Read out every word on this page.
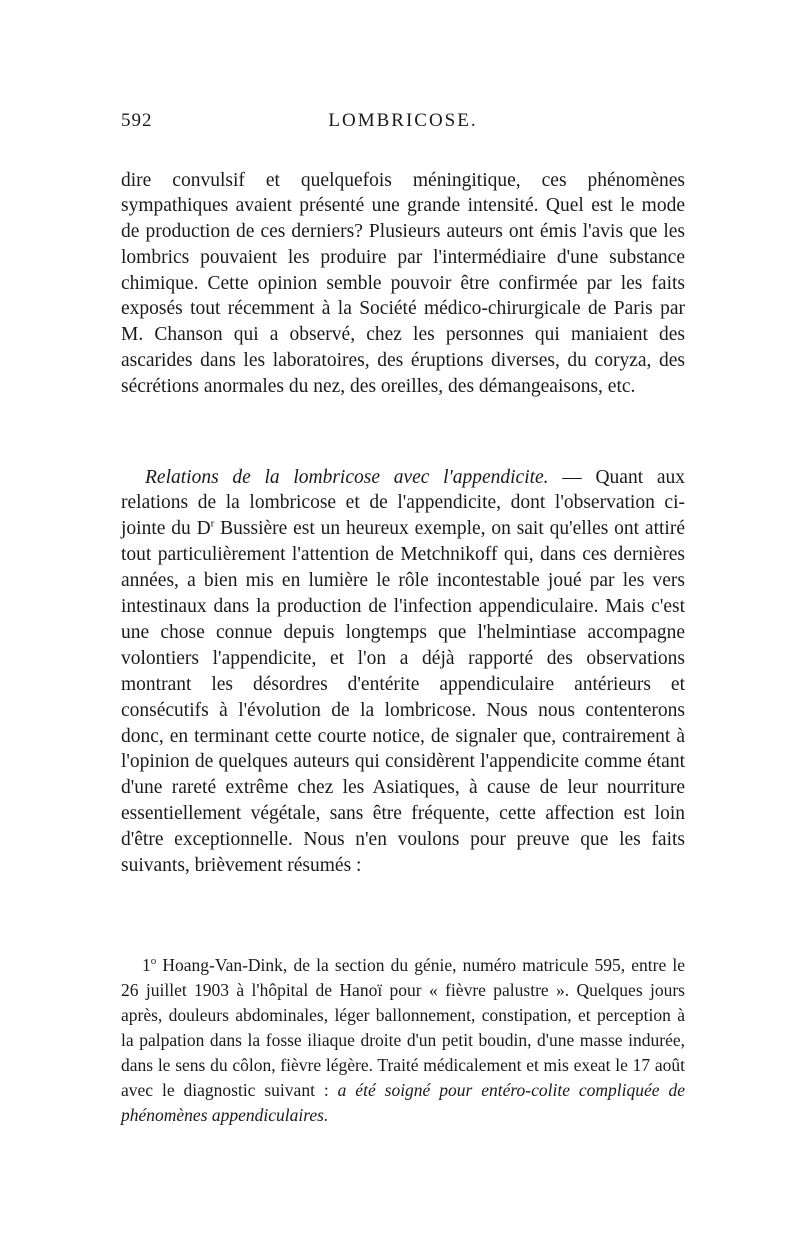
592	LOMBRICOSE.

dire convulsif et quelquefois méningitique, ces phénomènes sympathiques avaient présenté une grande intensité. Quel est le mode de production de ces derniers? Plusieurs auteurs ont émis l'avis que les lombrics pouvaient les produire par l'intermédiaire d'une substance chimique. Cette opinion semble pouvoir être confirmée par les faits exposés tout récemment à la Société médico-chirurgicale de Paris par M. Chanson qui a observé, chez les personnes qui maniaient des ascarides dans les laboratoires, des éruptions diverses, du coryza, des sécrétions anormales du nez, des oreilles, des démangeaisons, etc.

Relations de la lombricose avec l'appendicite. — Quant aux relations de la lombricose et de l'appendicite, dont l'observation ci-jointe du $D^r$ Bussière est un heureux exemple, on sait qu'elles ont attiré tout particulièrement l'attention de Metchnikoff qui, dans ces dernières années, a bien mis en lumière le rôle incontestable joué par les vers intestinaux dans la production de l'infection appendiculaire. Mais c'est une chose connue depuis longtemps que l'helmintiase accompagne volontiers l'appendicite, et l'on a déjà rapporté des observations montrant les désordres d'entérite appendiculaire antérieurs et consécutifs à l'évolution de la lombricose. Nous nous contenterons donc, en terminant cette courte notice, de signaler que, contrairement à l'opinion de quelques auteurs qui considèrent l'appendicite comme étant d'une rareté extrême chez les Asiatiques, à cause de leur nourriture essentiellement végétale, sans être fréquente, cette affection est loin d'être exceptionnelle. Nous n'en voulons pour preuve que les faits suivants, brièvement résumés :

1$^o$ Hoang-Van-Dink, de la section du génie, numéro matricule 595, entre le 26 juillet 1903 à l'hôpital de Hanoï pour « fièvre palustre ». Quelques jours après, douleurs abdominales, léger ballonnement, constipation, et perception à la palpation dans la fosse iliaque droite d'un petit boudin, d'une masse indurée, dans le sens du côlon, fièvre légère. Traité médicalement et mis exeat le 17 août avec le diagnostic suivant : a été soigné pour entéro-colite compliquée de phénomènes appendiculaires.
